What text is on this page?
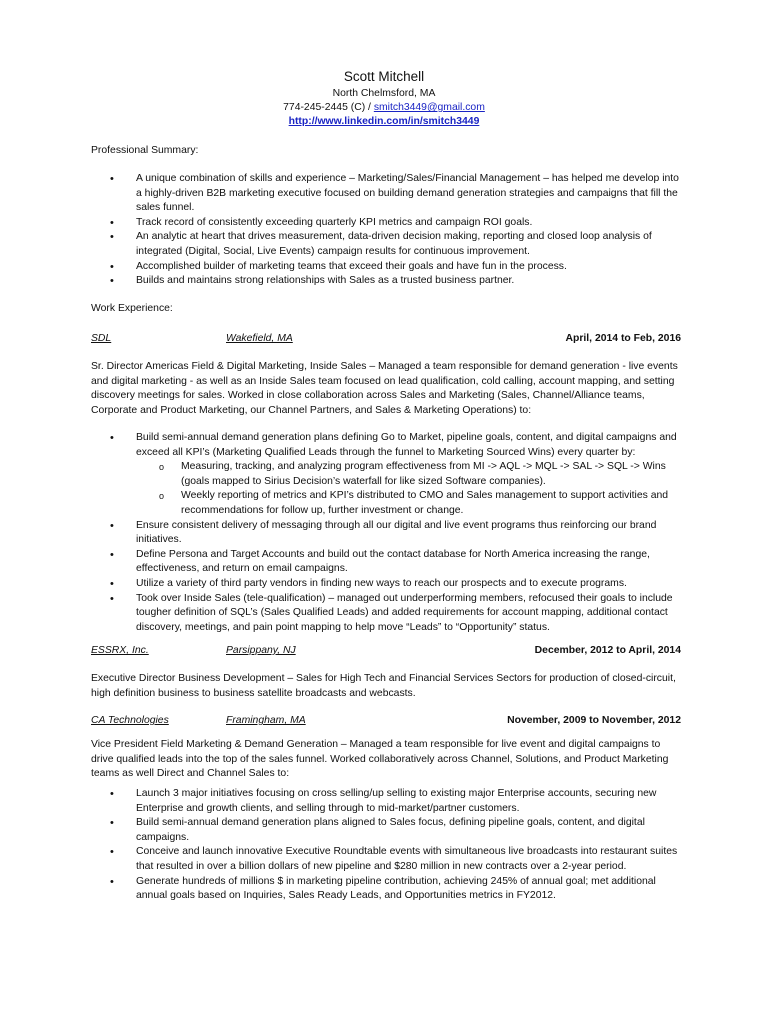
Scott Mitchell
North Chelmsford, MA
774-245-2445 (C) / smitch3449@gmail.com
http://www.linkedin.com/in/smitch3449
Professional Summary:
• A unique combination of skills and experience – Marketing/Sales/Financial Management – has helped me develop into a highly-driven B2B marketing executive focused on building demand generation strategies and campaigns that fill the sales funnel.
• Track record of consistently exceeding quarterly KPI metrics and campaign ROI goals.
• An analytic at heart that drives measurement, data-driven decision making, reporting and closed loop analysis of integrated (Digital, Social, Live Events) campaign results for continuous improvement.
• Accomplished builder of marketing teams that exceed their goals and have fun in the process.
• Builds and maintains strong relationships with Sales as a trusted business partner.
Work Experience:
SDL	Wakefield, MA	April, 2014 to Feb, 2016
Sr. Director Americas Field & Digital Marketing, Inside Sales – Managed a team responsible for demand generation - live events and digital marketing - as well as an Inside Sales team focused on lead qualification, cold calling, account mapping, and setting discovery meetings for sales. Worked in close collaboration across Sales and Marketing (Sales, Channel/Alliance teams, Corporate and Product Marketing, our Channel Partners, and Sales & Marketing Operations) to:
• Build semi-annual demand generation plans defining Go to Market, pipeline goals, content, and digital campaigns and exceed all KPI’s (Marketing Qualified Leads through the funnel to Marketing Sourced Wins) every quarter by:
o Measuring, tracking, and analyzing program effectiveness from MI -> AQL -> MQL -> SAL -> SQL -> Wins (goals mapped to Sirius Decision’s waterfall for like sized Software companies).
o Weekly reporting of metrics and KPI’s distributed to CMO and Sales management to support activities and recommendations for follow up, further investment or change.
• Ensure consistent delivery of messaging through all our digital and live event programs thus reinforcing our brand initiatives.
• Define Persona and Target Accounts and build out the contact database for North America increasing the range, effectiveness, and return on email campaigns.
• Utilize a variety of third party vendors in finding new ways to reach our prospects and to execute programs.
• Took over Inside Sales (tele-qualification) – managed out underperforming members, refocused their goals to include tougher definition of SQL’s (Sales Qualified Leads) and added requirements for account mapping, additional contact discovery, meetings, and pain point mapping to help move “Leads” to “Opportunity” status.
ESSRX, Inc.	Parsippany, NJ	December, 2012 to April, 2014
Executive Director Business Development – Sales for High Tech and Financial Services Sectors for production of closed-circuit, high definition business to business satellite broadcasts and webcasts.
CA Technologies	Framingham, MA	November, 2009 to November, 2012
Vice President Field Marketing & Demand Generation – Managed a team responsible for live event and digital campaigns to drive qualified leads into the top of the sales funnel. Worked collaboratively across Channel, Solutions, and Product Marketing teams as well Direct and Channel Sales to:
• Launch 3 major initiatives focusing on cross selling/up selling to existing major Enterprise accounts, securing new Enterprise and growth clients, and selling through to mid-market/partner customers.
• Build semi-annual demand generation plans aligned to Sales focus, defining pipeline goals, content, and digital campaigns.
• Conceive and launch innovative Executive Roundtable events with simultaneous live broadcasts into restaurant suites that resulted in over a billion dollars of new pipeline and $280 million in new contracts over a 2-year period.
• Generate hundreds of millions $ in marketing pipeline contribution, achieving 245% of annual goal; met additional annual goals based on Inquiries, Sales Ready Leads, and Opportunities metrics in FY2012.
